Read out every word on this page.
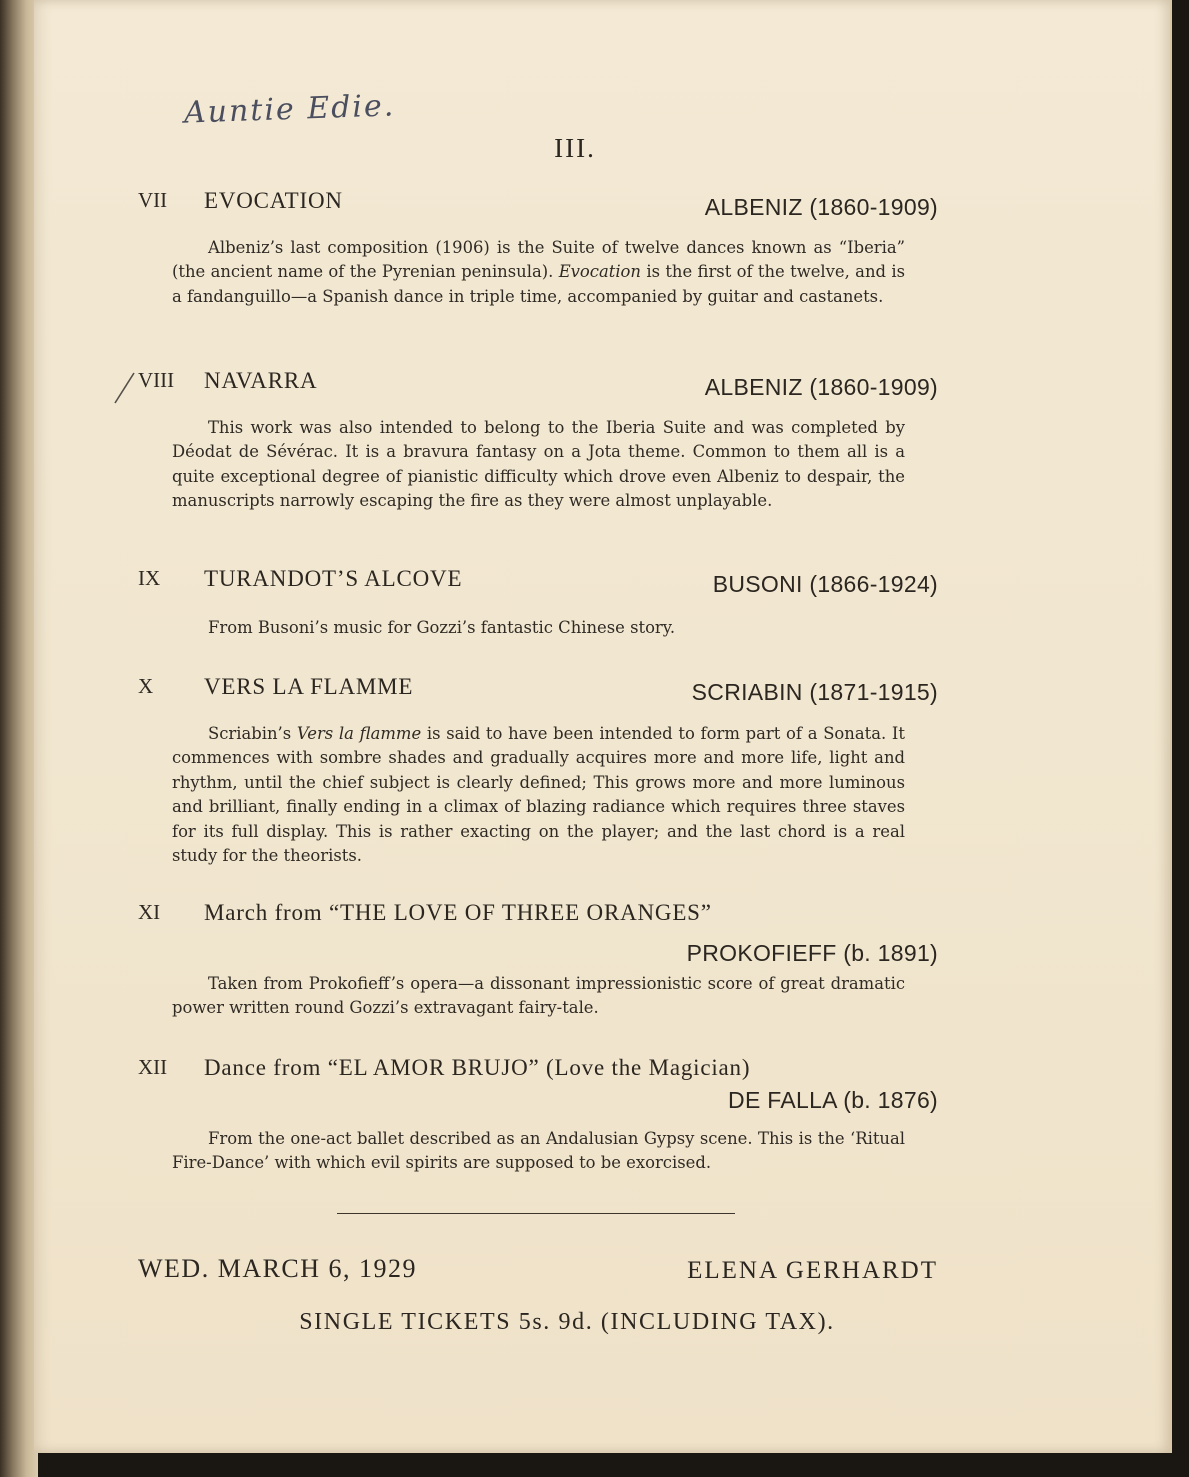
Auntie Edie.
III.
VII EVOCATION	ALBENIZ (1860-1909)
Albeniz’s last composition (1906) is the Suite of twelve dances known as “Iberia” (the ancient name of the Pyrenian peninsula). Evocation is the first of the twelve, and is a fandanguillo—a Spanish dance in triple time, accompanied by guitar and castanets.
VIII NAVARRA	ALBENIZ (1860-1909)
This work was also intended to belong to the Iberia Suite and was completed by Déodat de Sévérac. It is a bravura fantasy on a Jota theme. Common to them all is a quite exceptional degree of pianistic difficulty which drove even Albeniz to despair, the manuscripts narrowly escaping the fire as they were almost unplayable.
IX TURANDOT’S ALCOVE	BUSONI (1866-1924)
From Busoni’s music for Gozzi’s fantastic Chinese story.
X VERS LA FLAMME	SCRIABIN (1871-1915)
Scriabin’s Vers la flamme is said to have been intended to form part of a Sonata. It commences with sombre shades and gradually acquires more and more life, light and rhythm, until the chief subject is clearly defined; This grows more and more luminous and brilliant, finally ending in a climax of blazing radiance which requires three staves for its full display. This is rather exacting on the player; and the last chord is a real study for the theorists.
XI March from “THE LOVE OF THREE ORANGES”
PROKOFIEFF (b. 1891)
Taken from Prokofieff’s opera—a dissonant impressionistic score of great dramatic power written round Gozzi’s extravagant fairy-tale.
XII Dance from “EL AMOR BRUJO” (Love the Magician)
DE FALLA (b. 1876)
From the one-act ballet described as an Andalusian Gypsy scene. This is the ‘Ritual Fire-Dance’ with which evil spirits are supposed to be exorcised.
WED. MARCH 6, 1929	ELENA GERHARDT
SINGLE TICKETS 5s. 9d. (INCLUDING TAX).
